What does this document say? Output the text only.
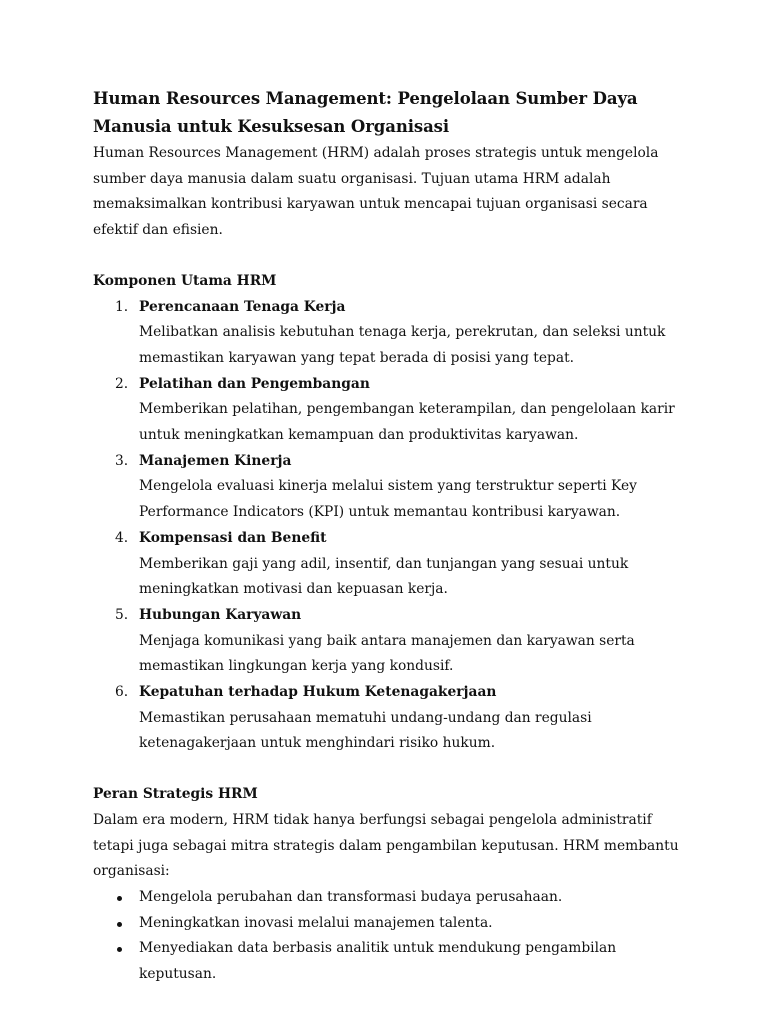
Human Resources Management: Pengelolaan Sumber Daya Manusia untuk Kesuksesan Organisasi

Human Resources Management (HRM) adalah proses strategis untuk mengelola sumber daya manusia dalam suatu organisasi. Tujuan utama HRM adalah memaksimalkan kontribusi karyawan untuk mencapai tujuan organisasi secara efektif dan efisien.

Komponen Utama HRM
1. Perencanaan Tenaga Kerja
Melibatkan analisis kebutuhan tenaga kerja, perekrutan, dan seleksi untuk memastikan karyawan yang tepat berada di posisi yang tepat.
2. Pelatihan dan Pengembangan
Memberikan pelatihan, pengembangan keterampilan, dan pengelolaan karir untuk meningkatkan kemampuan dan produktivitas karyawan.
3. Manajemen Kinerja
Mengelola evaluasi kinerja melalui sistem yang terstruktur seperti Key Performance Indicators (KPI) untuk memantau kontribusi karyawan.
4. Kompensasi dan Benefit
Memberikan gaji yang adil, insentif, dan tunjangan yang sesuai untuk meningkatkan motivasi dan kepuasan kerja.
5. Hubungan Karyawan
Menjaga komunikasi yang baik antara manajemen dan karyawan serta memastikan lingkungan kerja yang kondusif.
6. Kepatuhan terhadap Hukum Ketenagakerjaan
Memastikan perusahaan mematuhi undang-undang dan regulasi ketenagakerjaan untuk menghindari risiko hukum.
Peran Strategis HRM

Dalam era modern, HRM tidak hanya berfungsi sebagai pengelola administratif tetapi juga sebagai mitra strategis dalam pengambilan keputusan. HRM membantu organisasi:

Mengelola perubahan dan transformasi budaya perusahaan.
Meningkatkan inovasi melalui manajemen talenta.
Menyediakan data berbasis analitik untuk mendukung pengambilan keputusan.
